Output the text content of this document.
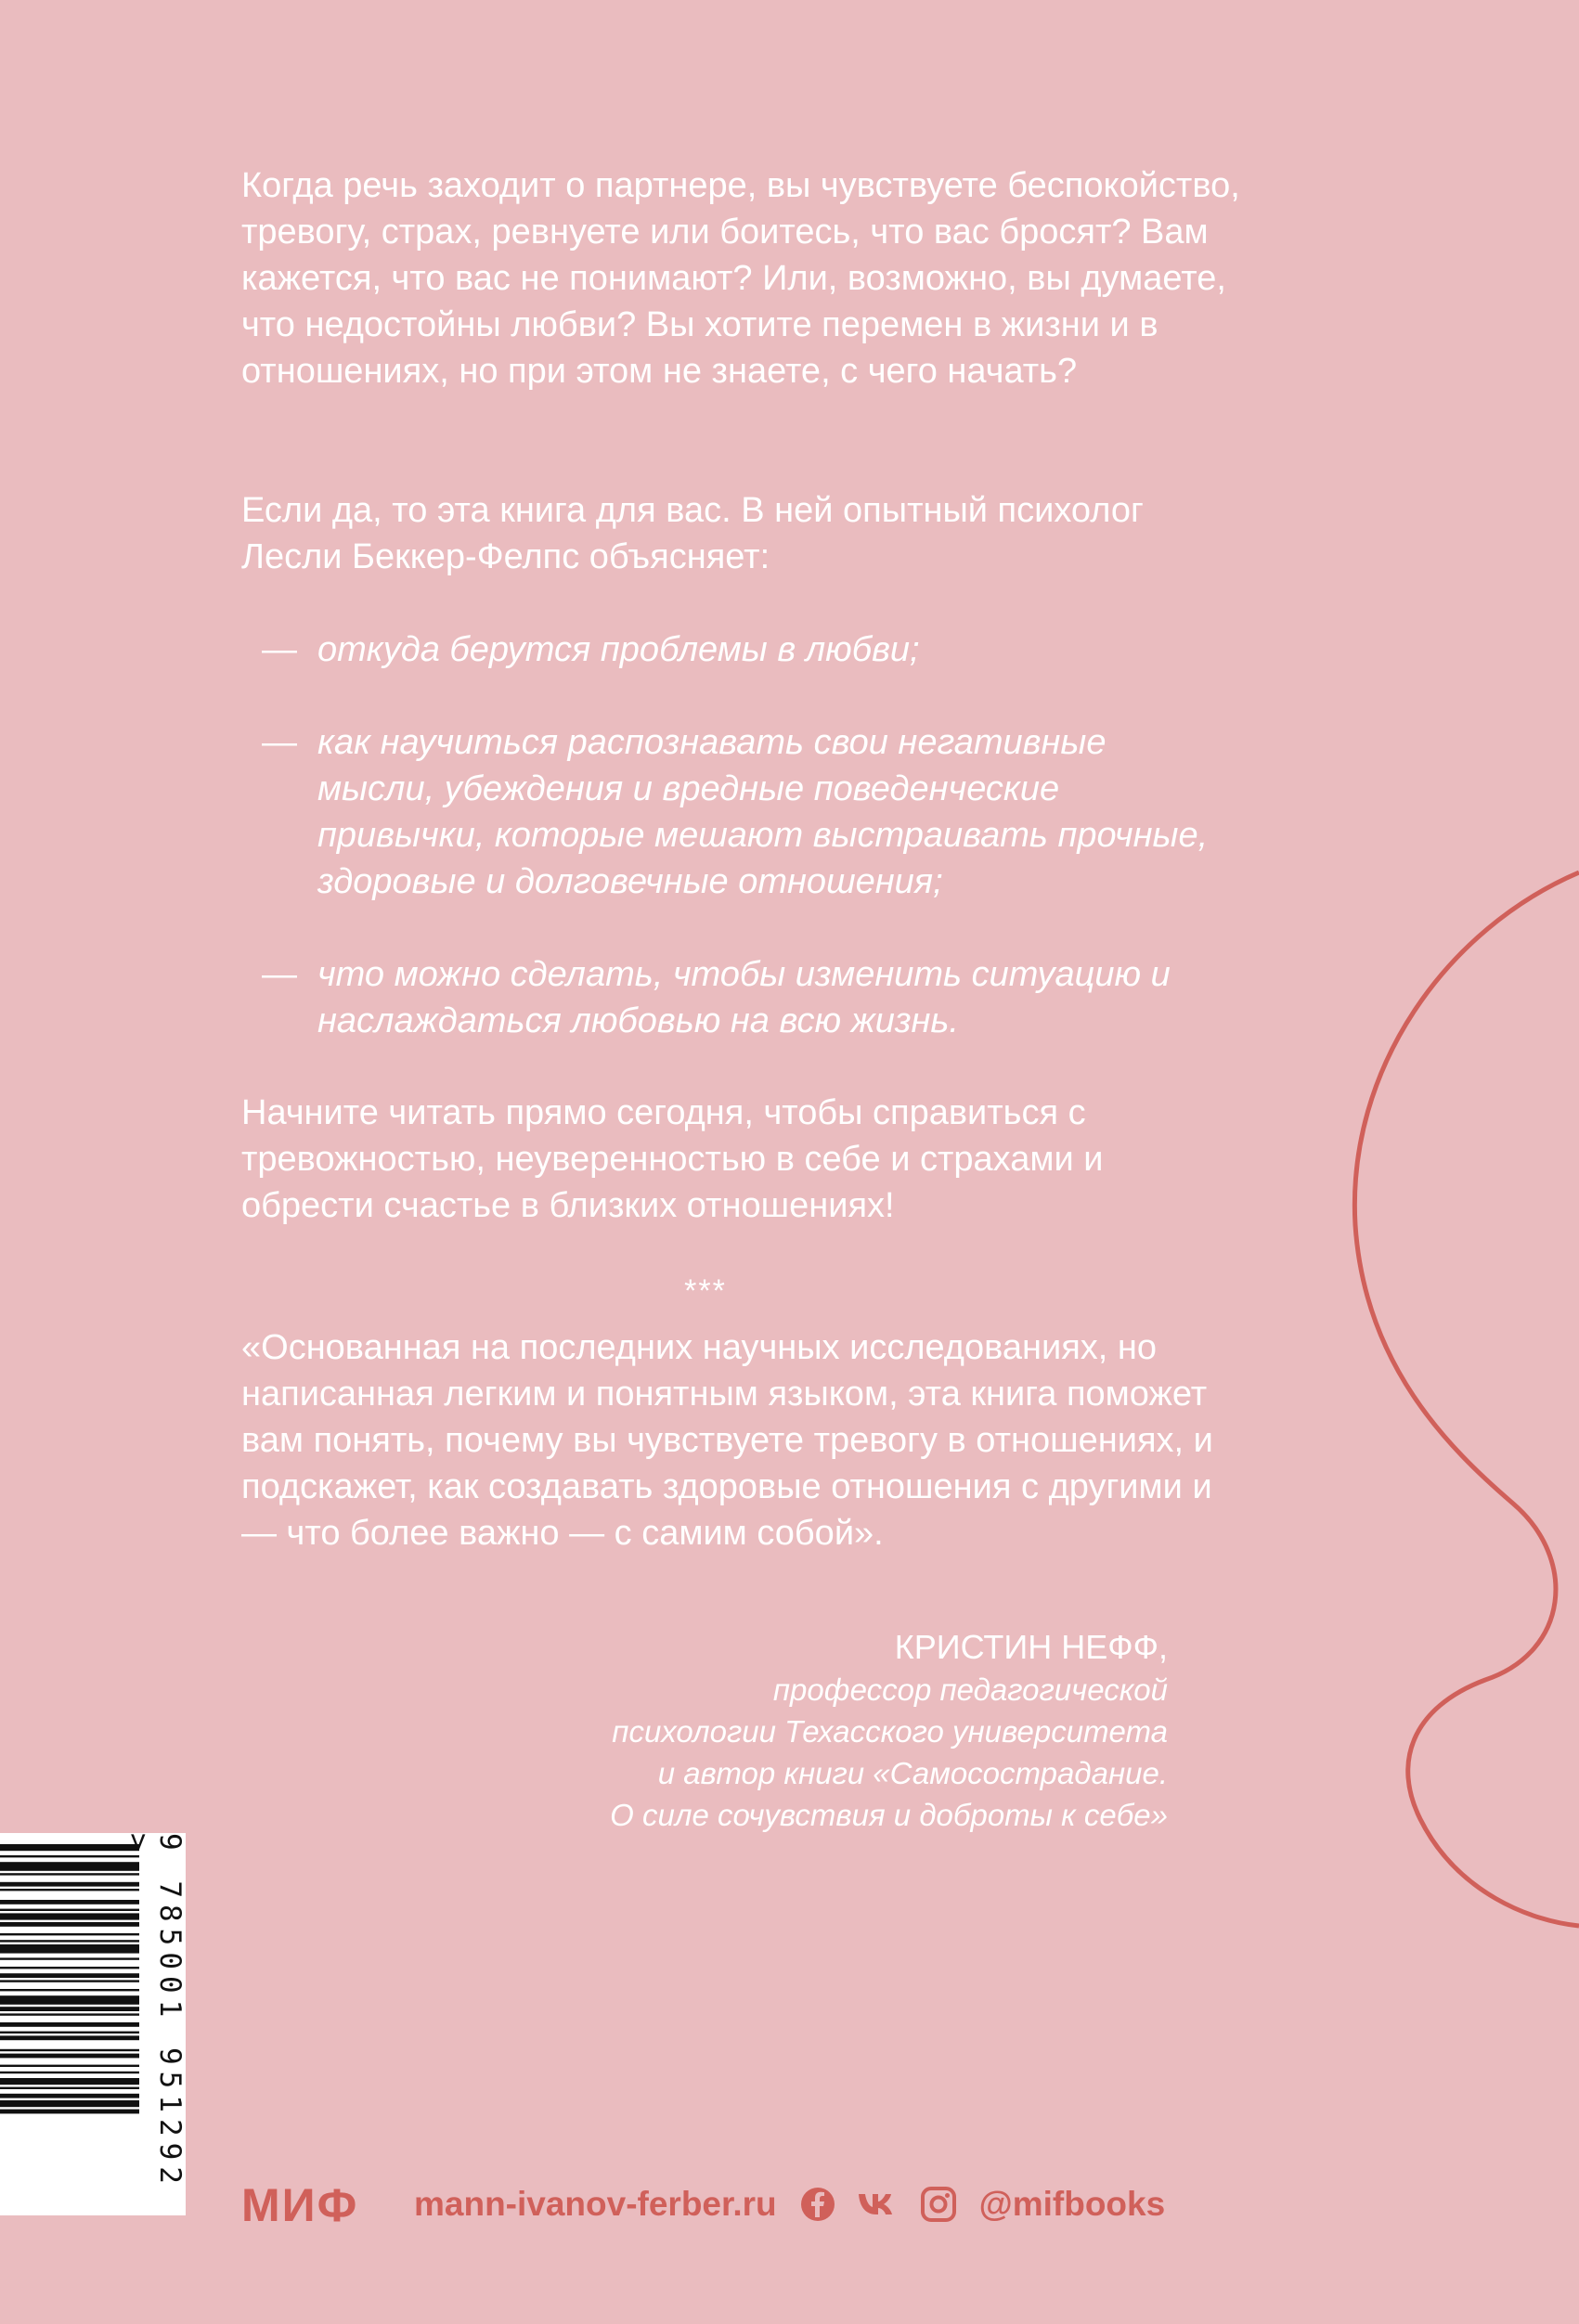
Когда речь заходит о партнере, вы чувствуете беспокойство, тревогу, страх, ревнуете или боитесь, что вас бросят? Вам кажется, что вас не понимают? Или, возможно, вы думаете, что недостойны любви? Вы хотите перемен в жизни и в отношениях, но при этом не знаете, с чего начать?

Если да, то эта книга для вас. В ней опытный психолог Лесли Беккер-Фелпс объясняет:

— откуда берутся проблемы в любви;
— как научиться распознавать свои негативные мысли, убеждения и вредные поведенческие привычки, которые мешают выстраивать прочные, здоровые и долговечные отношения;
— что можно сделать, чтобы изменить ситуацию и наслаждаться любовью на всю жизнь.

Начните читать прямо сегодня, чтобы справиться с тревожностью, неуверенностью в себе и страхами и обрести счастье в близких отношениях!

***

«Основанная на последних научных исследованиях, но написанная легким и понятным языком, эта книга поможет вам понять, почему вы чувствуете тревогу в отношениях, и подскажет, как создавать здоровые отношения с другими и — что более важно — с самим собой».

КРИСТИН НЕФФ,
профессор педагогической
психологии Техасского университета
и автор книги «Самосострадание.
О силе сочувствия и доброты к себе»
9 785001 951292 >
МИФ mann-ivanov-ferber.ru	@mifbooks
